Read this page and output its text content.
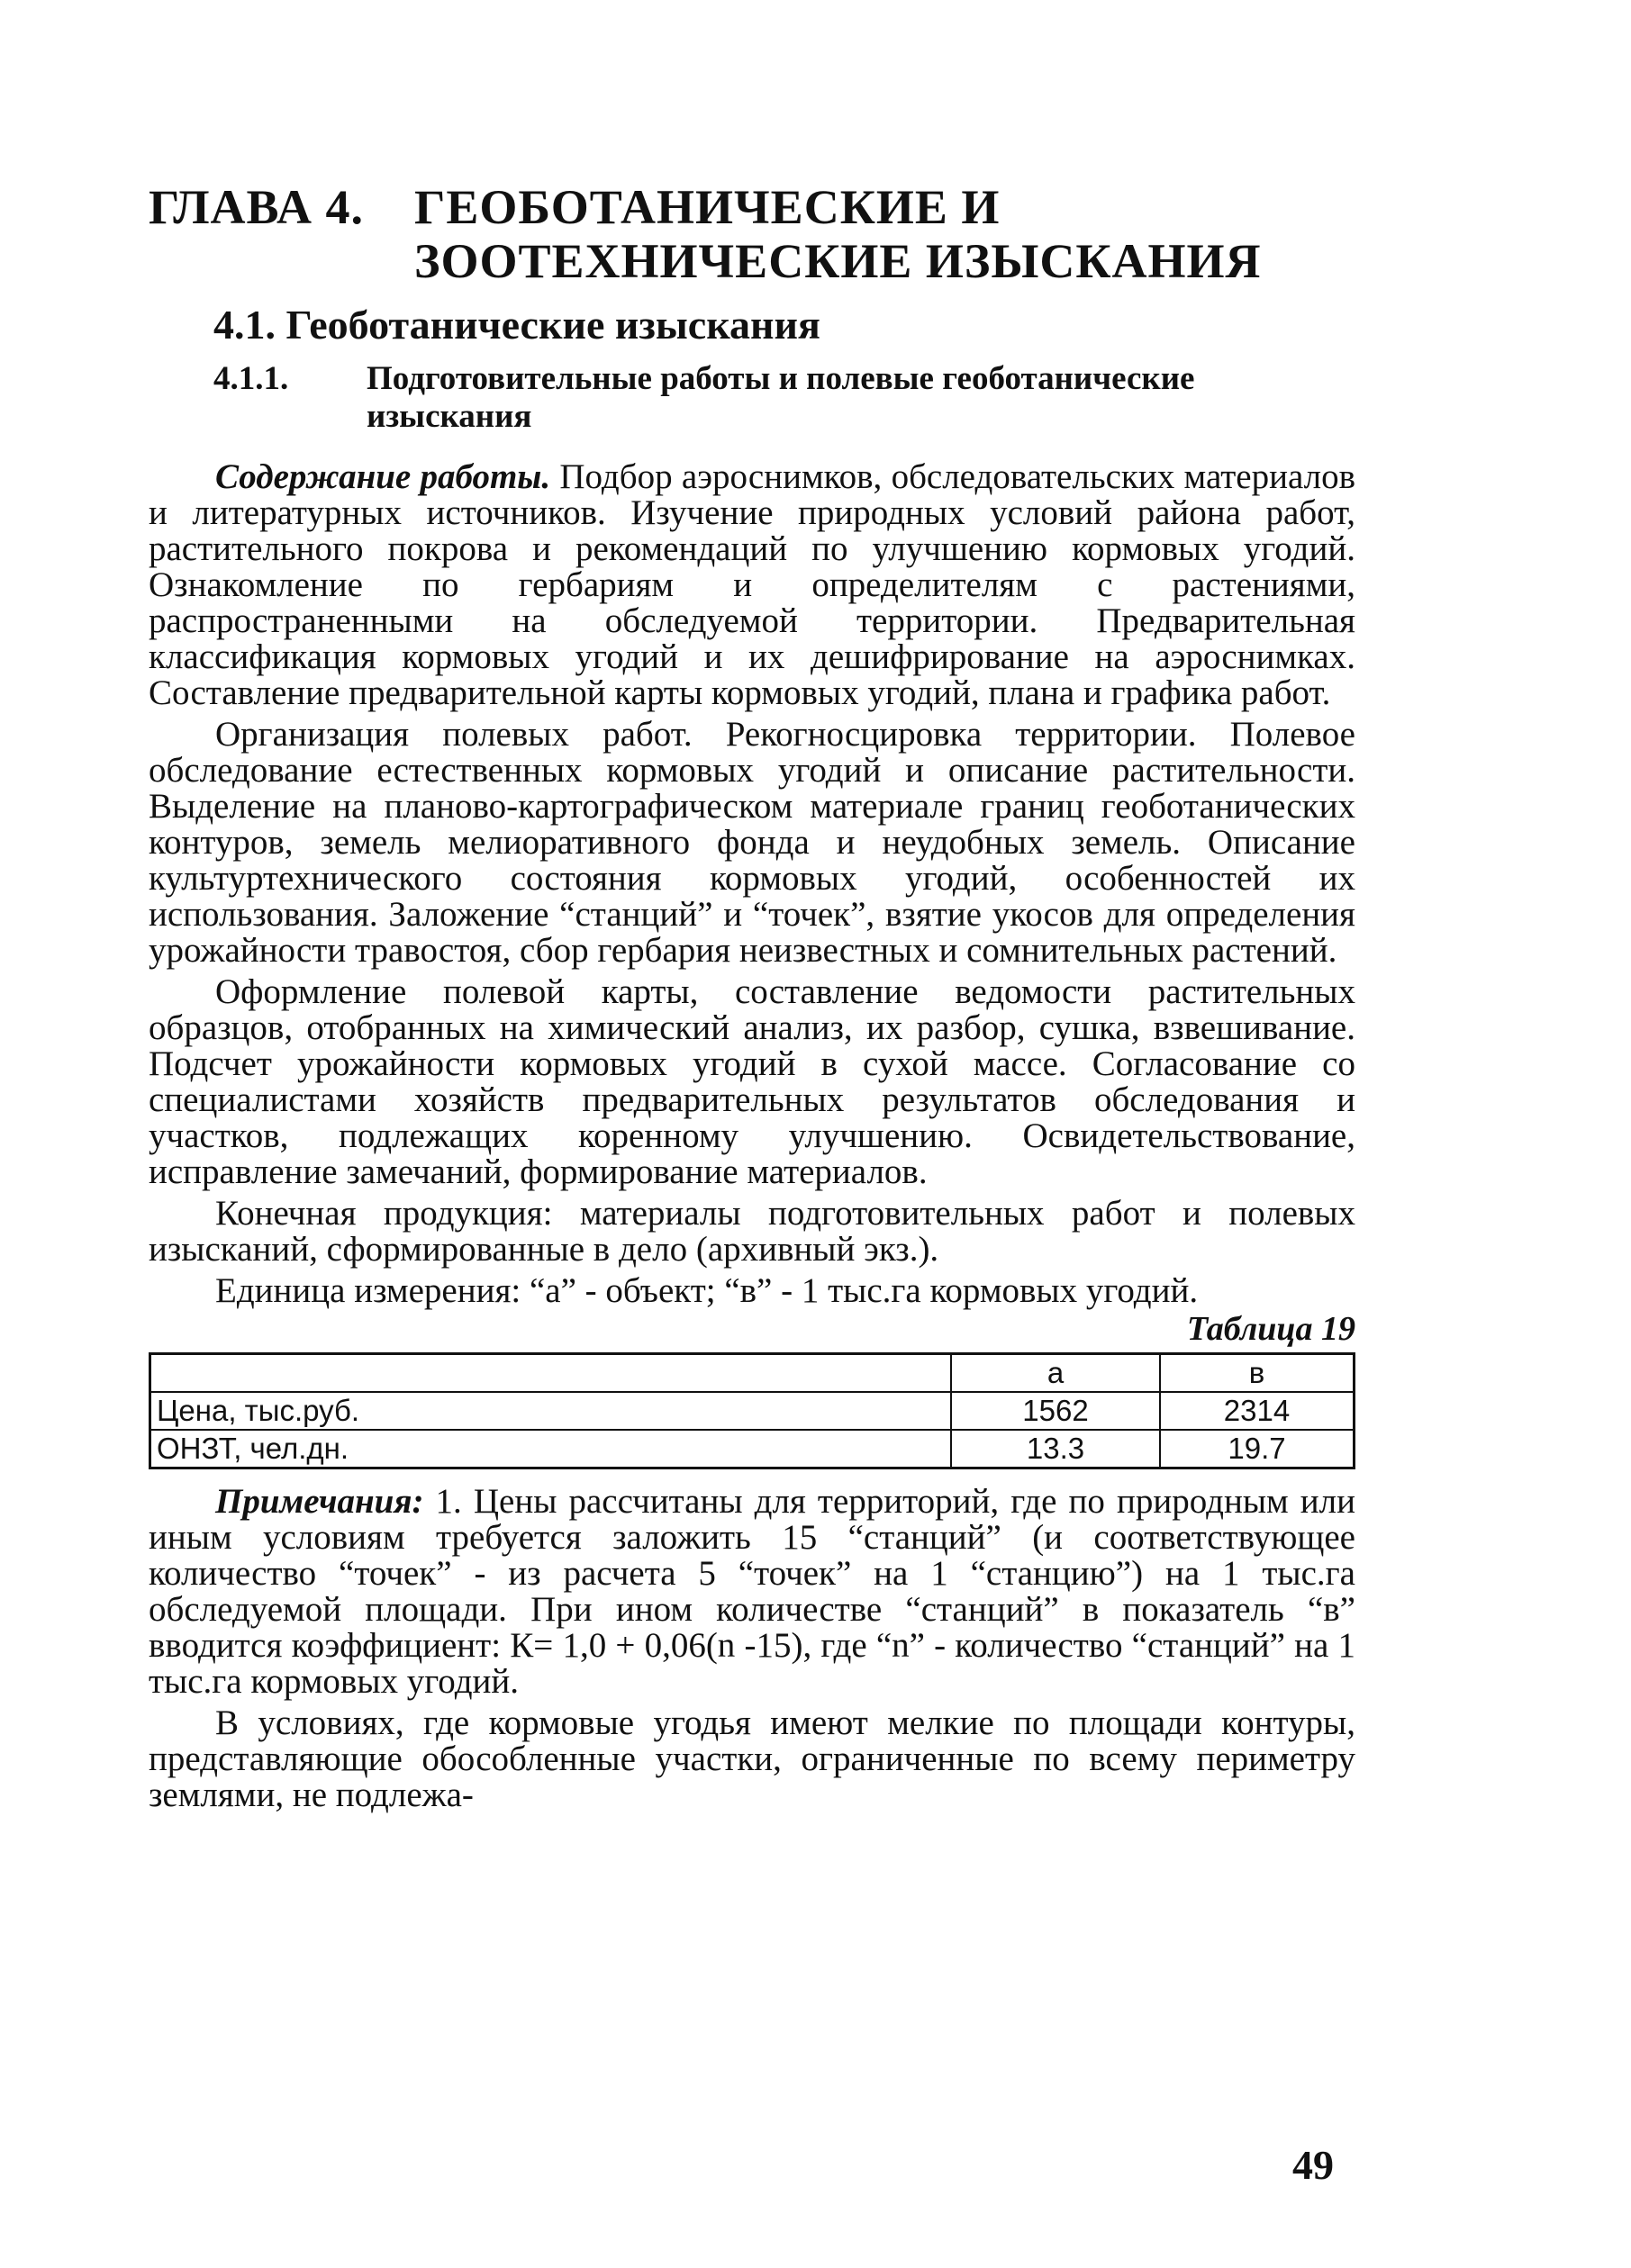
ГЛАВА 4.	ГЕОБОТАНИЧЕСКИЕ И ЗООТЕХНИЧЕСКИЕ ИЗЫСКАНИЯ
4.1. Геоботанические изыскания
4.1.1.	Подготовительные работы и полевые геоботанические изыскания

Содержание работы. Подбор аэроснимков, обследовательских материалов и литературных источников. Изучение природных условий района работ, растительного покрова и рекомендаций по улучшению кормовых угодий. Ознакомление по гербариям и определителям с растениями, распространенными на обследуемой территории. Предварительная классификация кормовых угодий и их дешифрирование на аэроснимках. Составление предварительной карты кормовых угодий, плана и графика работ.

Организация полевых работ. Рекогносцировка территории. Полевое обследование естественных кормовых угодий и описание растительности. Выделение на планово-картографическом материале границ геоботанических контуров, земель мелиоративного фонда и неудобных земель. Описание культуртехнического состояния кормовых угодий, особенностей их использования. Заложение “станций” и “точек”, взятие укосов для определения урожайности травостоя, сбор гербария неизвестных и сомнительных растений.

Оформление полевой карты, составление ведомости растительных образцов, отобранных на химический анализ, их разбор, сушка, взвешивание. Подсчет урожайности кормовых угодий в сухой массе. Согласование со специалистами хозяйств предварительных результатов обследования и участков, подлежащих коренному улучшению. Освидетельствование, исправление замечаний, формирование материалов.

Конечная продукция: материалы подготовительных работ и полевых изысканий, сформированные в дело (архивный экз.).

Единица измерения: “а” - объект; “в” - 1 тыс.га кормовых угодий.

Таблица 19
	а	в
Цена, тыс.руб.	1562	2314
ОНЗТ, чел.дн.	13.3	19.7

Примечания: 1. Цены рассчитаны для территорий, где по природным или иным условиям требуется заложить 15 “станций” (и соответствующее количество “точек” - из расчета 5 “точек” на 1 “станцию”) на 1 тыс.га обследуемой площади. При ином количестве “станций” в показатель “в” вводится коэффициент: К= 1,0 + 0,06(n -15), где “n” - количество “станций” на 1 тыс.га кормовых угодий.

В условиях, где кормовые угодья имеют мелкие по площади контуры, представляющие обособленные участки, ограниченные по всему периметру землями, не подлежа-

49
